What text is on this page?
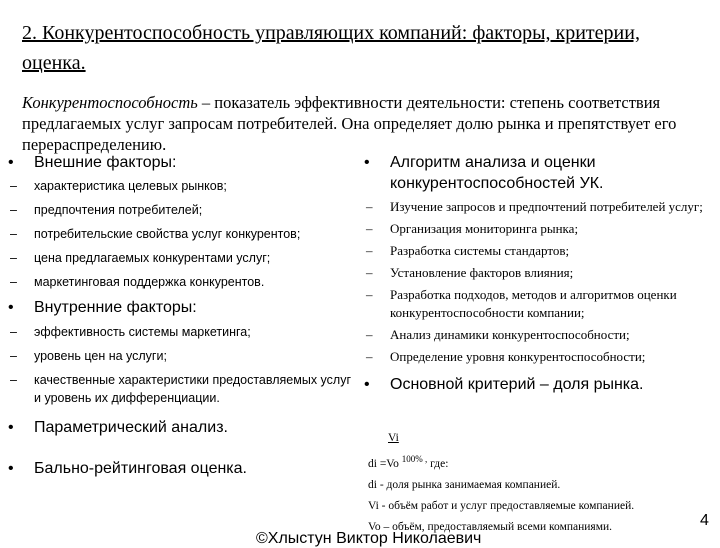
2. Конкурентоспособность управляющих компаний: факторы, критерии, оценка.

Конкурентоспособность – показатель эффективности деятельности: степень соответствия предлагаемых услуг запросам потребителей. Она определяет долю рынка и препятствует его перераспределению.

• Внешние факторы:
– характеристика целевых рынков;
– предпочтения потребителей;
– потребительские свойства услуг конкурентов;
– цена предлагаемых конкурентами услуг;
– маркетинговая поддержка конкурентов.
• Внутренние факторы:
– эффективность системы маркетинга;
– уровень цен на услуги;
– качественные характеристики предоставляемых услуг и уровень их дифференциации.
• Параметрический анализ.
• Бально-рейтинговая оценка.
• Алгоритм анализа и оценки конкурентоспособностей УК.
– Изучение запросов и предпочтений потребителей услуг;
– Организация мониторинга рынка;
– Разработка системы стандартов;
– Установление факторов влияния;
– Разработка подходов, методов и алгоритмов оценки конкурентоспособности компании;
– Анализ динамики конкурентоспособности;
– Определение уровня конкурентоспособности;
• Основной критерий – доля рынка.
Vi
di =Vo $^{100\% ,}$ где:
di - доля рынка занимаемая компанией.
Vi - объём работ и услуг предоставляемые компанией.
Vo – объём, предоставляемый всеми компаниями.	4
©Хлыстун Виктор Николаевич
